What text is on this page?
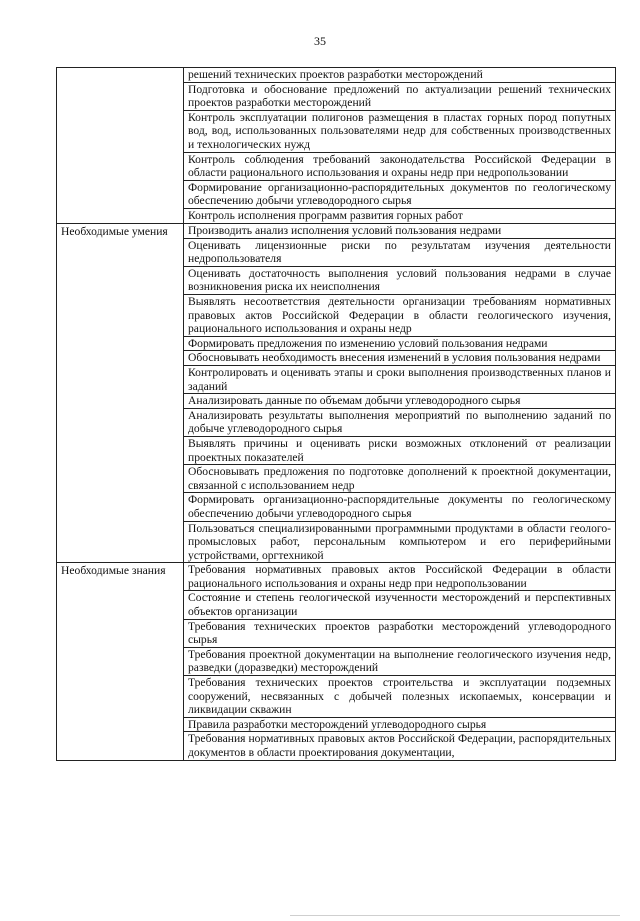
35
	решений технических проектов разработки месторождений
	Подготовка и обоснование предложений по актуализации решений технических проектов разработки месторождений
	Контроль эксплуатации полигонов размещения в пластах горных пород попутных вод, вод, использованных пользователями недр для собственных производственных и технологических нужд
	Контроль соблюдения требований законодательства Российской Федерации в области рационального использования и охраны недр при недропользовании
	Формирование организационно-распорядительных документов по геологическому обеспечению добычи углеводородного сырья
	Контроль исполнения программ развития горных работ
Необходимые умения	Производить анализ исполнения условий пользования недрами
	Оценивать лицензионные риски по результатам изучения деятельности недропользователя
	Оценивать достаточность выполнения условий пользования недрами в случае возникновения риска их неисполнения
	Выявлять несоответствия деятельности организации требованиям нормативных правовых актов Российской Федерации в области геологического изучения, рационального использования и охраны недр
	Формировать предложения по изменению условий пользования недрами
	Обосновывать необходимость внесения изменений в условия пользования недрами
	Контролировать и оценивать этапы и сроки выполнения производственных планов и заданий
	Анализировать данные по объемам добычи углеводородного сырья
	Анализировать результаты выполнения мероприятий по выполнению заданий по добыче углеводородного сырья
	Выявлять причины и оценивать риски возможных отклонений от реализации проектных показателей
	Обосновывать предложения по подготовке дополнений к проектной документации, связанной с использованием недр
	Формировать организационно-распорядительные документы по геологическому обеспечению добычи углеводородного сырья
	Пользоваться специализированными программными продуктами в области геолого-промысловых работ, персональным компьютером и его периферийными устройствами, оргтехникой
Необходимые знания	Требования нормативных правовых актов Российской Федерации в области рационального использования и охраны недр при недропользовании
	Состояние и степень геологической изученности месторождений и перспективных объектов организации
	Требования технических проектов разработки месторождений углеводородного сырья
	Требования проектной документации на выполнение геологического изучения недр, разведки (доразведки) месторождений
	Требования технических проектов строительства и эксплуатации подземных сооружений, несвязанных с добычей полезных ископаемых, консервации и ликвидации скважин
	Правила разработки месторождений углеводородного сырья
	Требования нормативных правовых актов Российской Федерации, распорядительных документов в области проектирования документации,
